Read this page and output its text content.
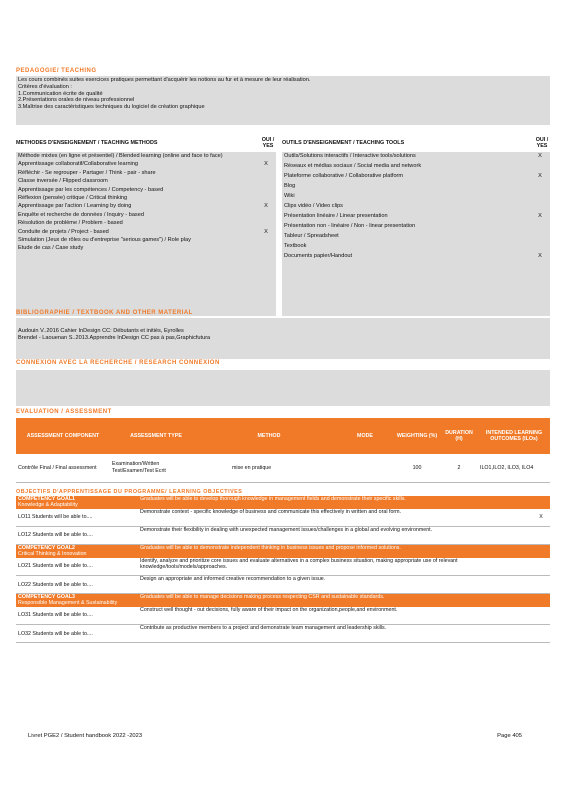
PEDAGOGIE/ TEACHING
Les cours combinés suites exercices pratiques permettant d'acquérir les notions au fur et à mesure de leur réalisation.
Critères d'évaluation :
1.Communication écrite de qualité
2.Présentations orales de niveau professionnel
3.Maîtrise des caractéristiques techniques du logiciel de création graphique
METHODES D'ENSEIGNEMENT / TEACHING METHODS	OUI / YES
Méthode mixtes (en ligne et présentiel) / Blended learning (online and face to face)
Apprentissage collaboratif/Collaborative learning	X
Réfléchir - Se regrouper - Partager / Think - pair - share
Classe inversée / Flipped classroom
Apprentissage par les compétences / Competency - based
Réflexion (pensée) critique / Critical thinking
Apprentissage par l'action / Learning by doing	X
Enquête et recherche de données / Inquiry - based
Résolution de problème / Problem - based
Conduite de projets / Project - based	X
Simulation (Jeux de rôles ou d'entreprise "serious games") / Role play
Etude de cas / Case study
OUTILS D'ENSEIGNEMENT / TEACHING TOOLS	OUI / YES
Outils/Solutions interactifs / Interactive tools/solutions	X
Réseaux et médias sociaux / Social media and network
Plateforme collaborative / Collaborative platform	X
Blog
Wiki
Clips vidéo / Video clips
Présentation linéaire / Linear presentation	X
Présentation non - linéaire / Non - linear presentation
Tableur / Spreadsheet
Textbook
Documents papier/Handout	X
BIBLIOGRAPHIE / TEXTBOOK AND OTHER MATERIAL
Audouin V..2016 Cahier InDesign CC: Débutants et initiés, Eyrolles
Brendel - Laouenan S..2013.Apprendre InDesign CC pas à pas,Graphicfutura
CONNEXION AVEC LA RECHERCHE / RESEARCH CONNEXION
EVALUATION / ASSESSMENT
ASSESSMENT COMPONENT	ASSESSMENT TYPE	METHOD	MODE	WEIGHTING (%)	DURATION (H)	INTENDED LEARNING OUTCOMES (ILOs)
Contrôle Final / Final assessment	Examination/Written Test/Examen/Test Ecrit	mise en pratique		100	2	ILO1,ILO2, ILO3, ILO4
OBJECTIFS D'APPRENTISSAGE DU PROGRAMME/ LEARNING OBJECTIVES
COMPETENCY GOAL1
Knowledge & Adaptability	Graduates will be able to develop thorough knowledge in management fields and demonstrate their specific skills.	
LO11 Students will be able to....	Demonstrate context - specific knowledge of business and communicate this effectively in written and oral form.	X
LO12 Students will be able to....	Demonstrate their flexibility in dealing with unexpected management issues/challenges in a global and evolving environment.	

COMPETENCY GOAL2
Critical Thinking & Innovation	Graduates will be able to demonstrate independent thinking in business issues and propose informed solutions.	
LO21 Students will be able to....	Identify, analyze and prioritize core issues and evaluate alternatives in a complex business situation, making appropriate use of relevant knowledge/tools/models/approaches.	
LO22 Students will be able to....	Design an appropriate and informed creative recommendation to a given issue.	

COMPETENCY GOAL3
Responsible Management & Sustainability	Graduates will be able to manage decisions making process respecting CSR and sustainable standards.	
LO31 Students will be able to....	Construct well thought - out decisions, fully aware of their impact on the organization,people,and environment.	
LO32 Students will be able to....	Contribute as productive members to a project and demonstrate team management and leadership skills.	
Livret PGE2 / Student handbook 2022 -2023	Page 405
